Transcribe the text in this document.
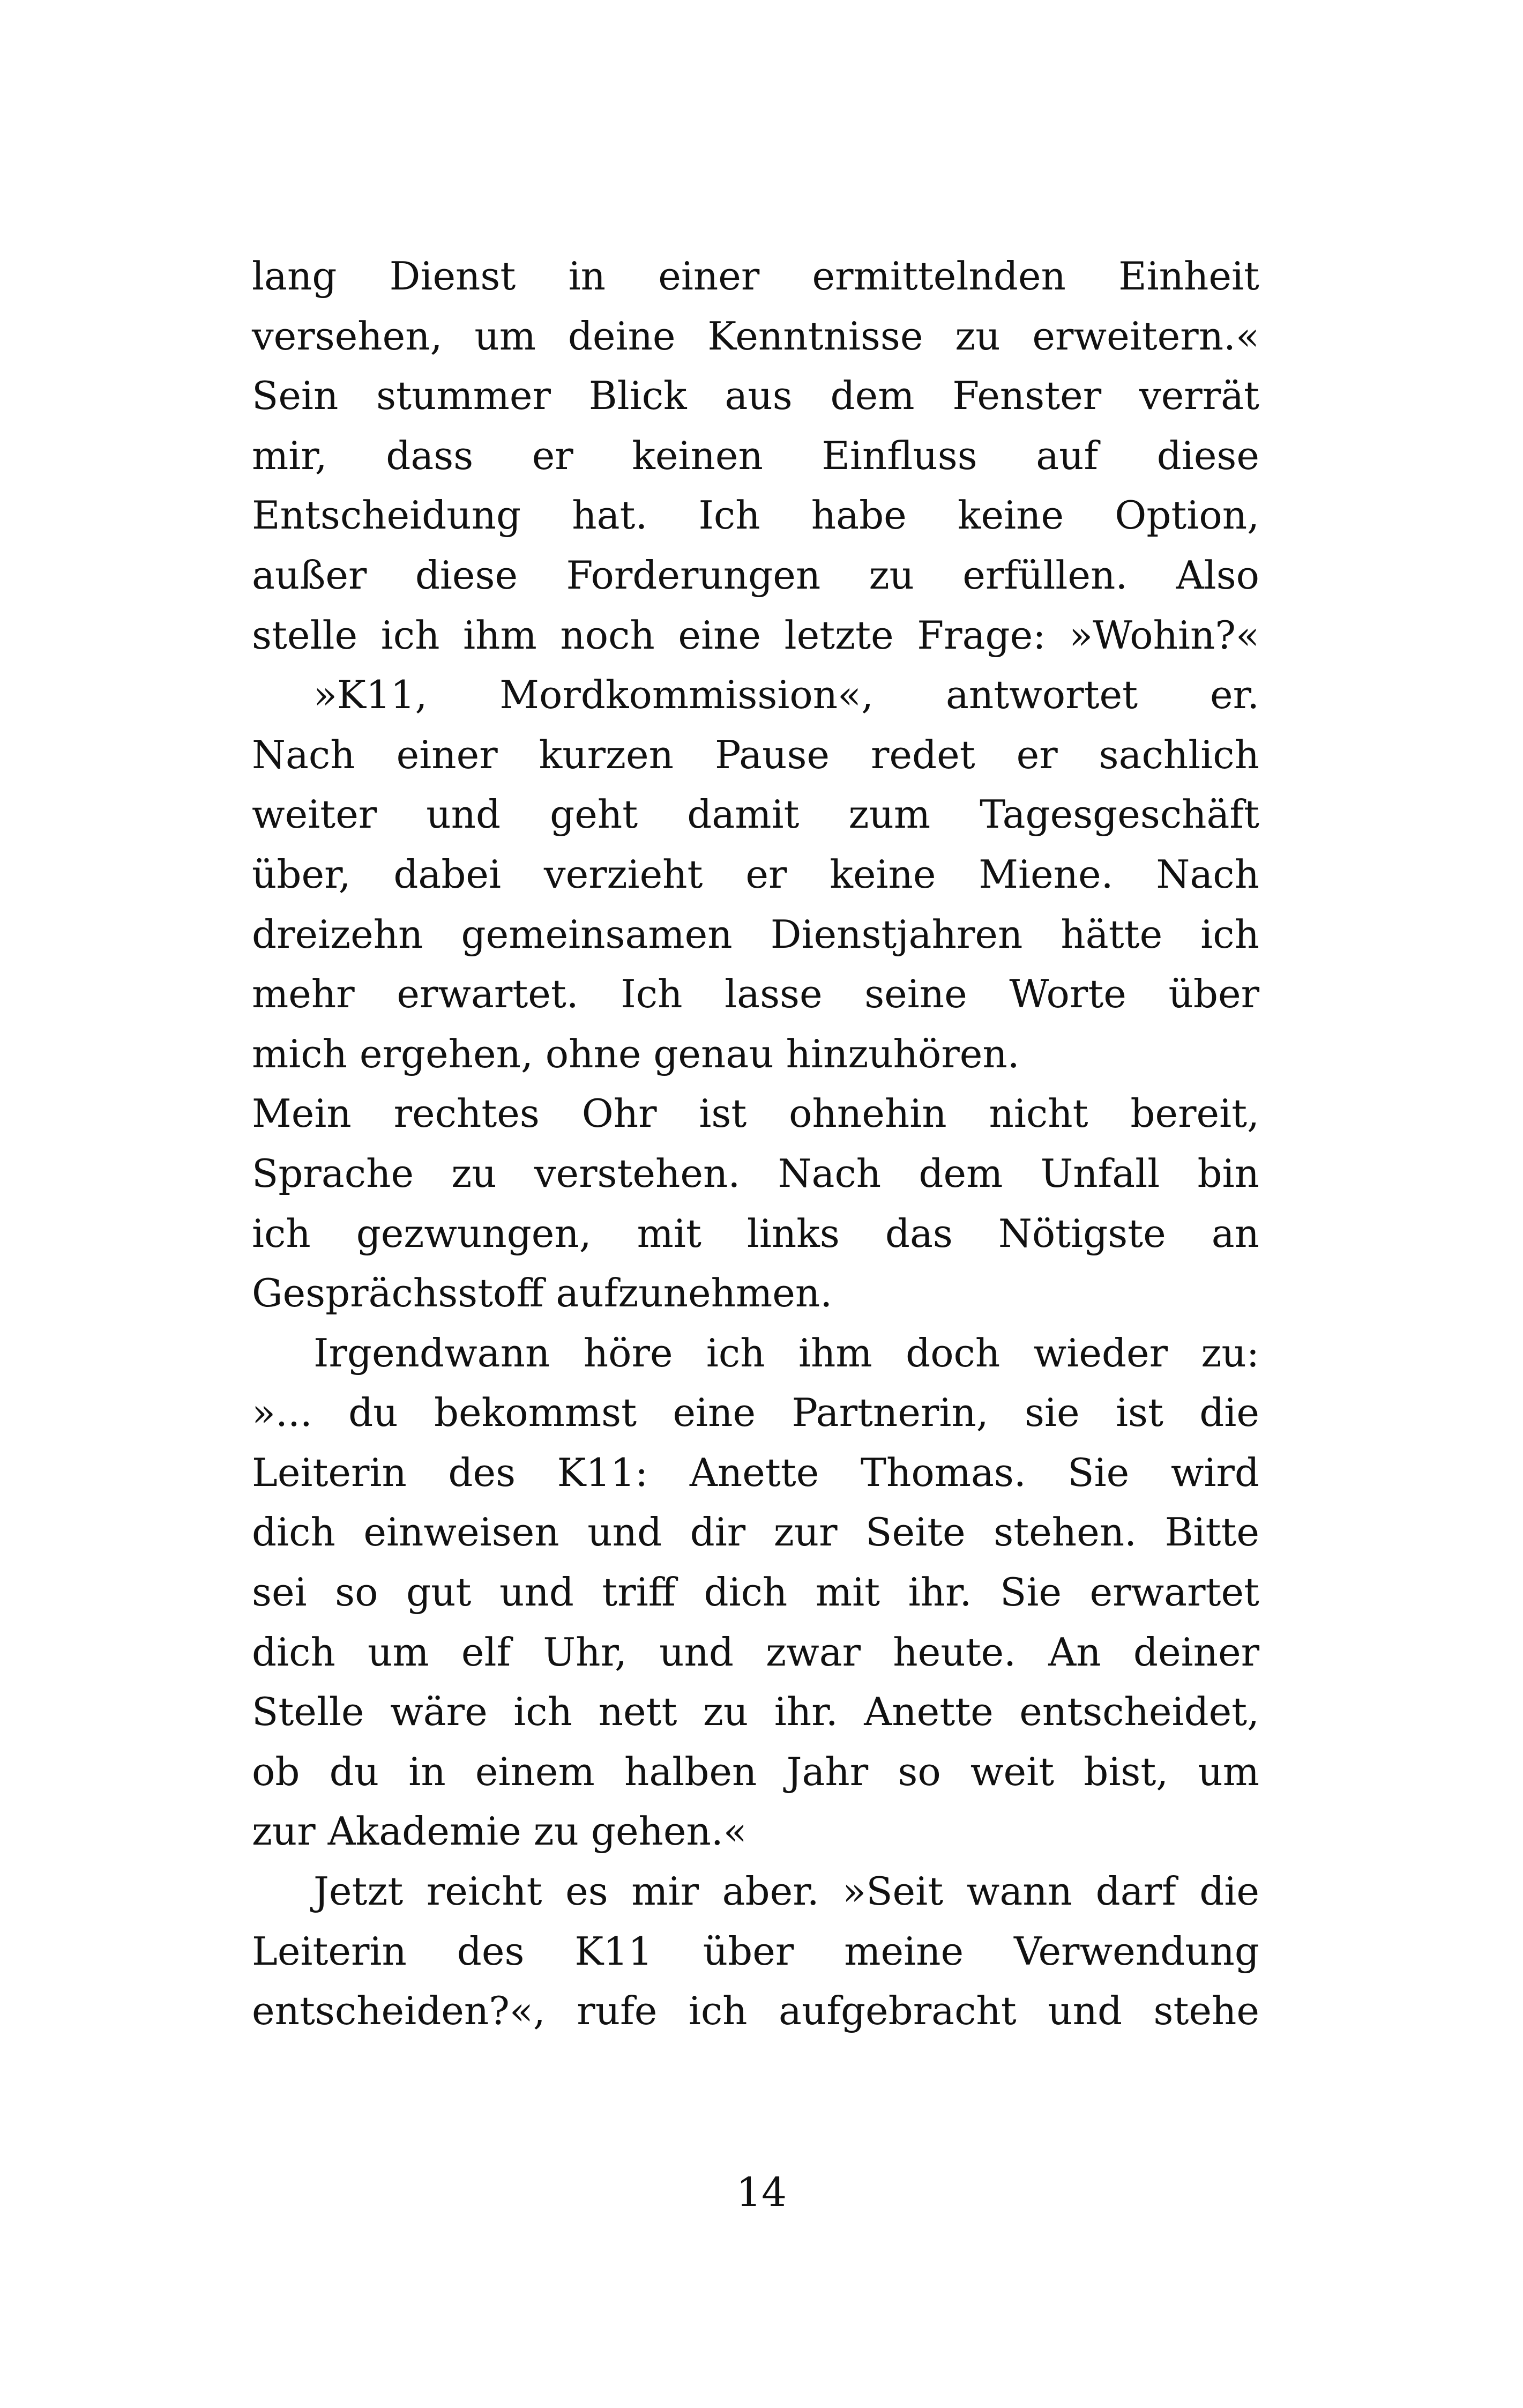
lang Dienst in einer ermittelnden Einheit
versehen, um deine Kenntnisse zu erweitern.«
Sein stummer Blick aus dem Fenster verrät
mir, dass er keinen Einfluss auf diese
Entscheidung hat. Ich habe keine Option,
außer diese Forderungen zu erfüllen. Also
stelle ich ihm noch eine letzte Frage: »Wohin?«
»K11, Mordkommission«, antwortet er.
Nach einer kurzen Pause redet er sachlich
weiter und geht damit zum Tagesgeschäft
über, dabei verzieht er keine Miene. Nach
dreizehn gemeinsamen Dienstjahren hätte ich
mehr erwartet. Ich lasse seine Worte über
mich ergehen, ohne genau hinzuhören.
Mein rechtes Ohr ist ohnehin nicht bereit,
Sprache zu verstehen. Nach dem Unfall bin
ich gezwungen, mit links das Nötigste an
Gesprächsstoff aufzunehmen.
Irgendwann höre ich ihm doch wieder zu:
»... du bekommst eine Partnerin, sie ist die
Leiterin des K11: Anette Thomas. Sie wird
dich einweisen und dir zur Seite stehen. Bitte
sei so gut und triff dich mit ihr. Sie erwartet
dich um elf Uhr, und zwar heute. An deiner
Stelle wäre ich nett zu ihr. Anette entscheidet,
ob du in einem halben Jahr so weit bist, um
zur Akademie zu gehen.«
Jetzt reicht es mir aber. »Seit wann darf die
Leiterin des K11 über meine Verwendung
entscheiden?«, rufe ich aufgebracht und stehe
14
